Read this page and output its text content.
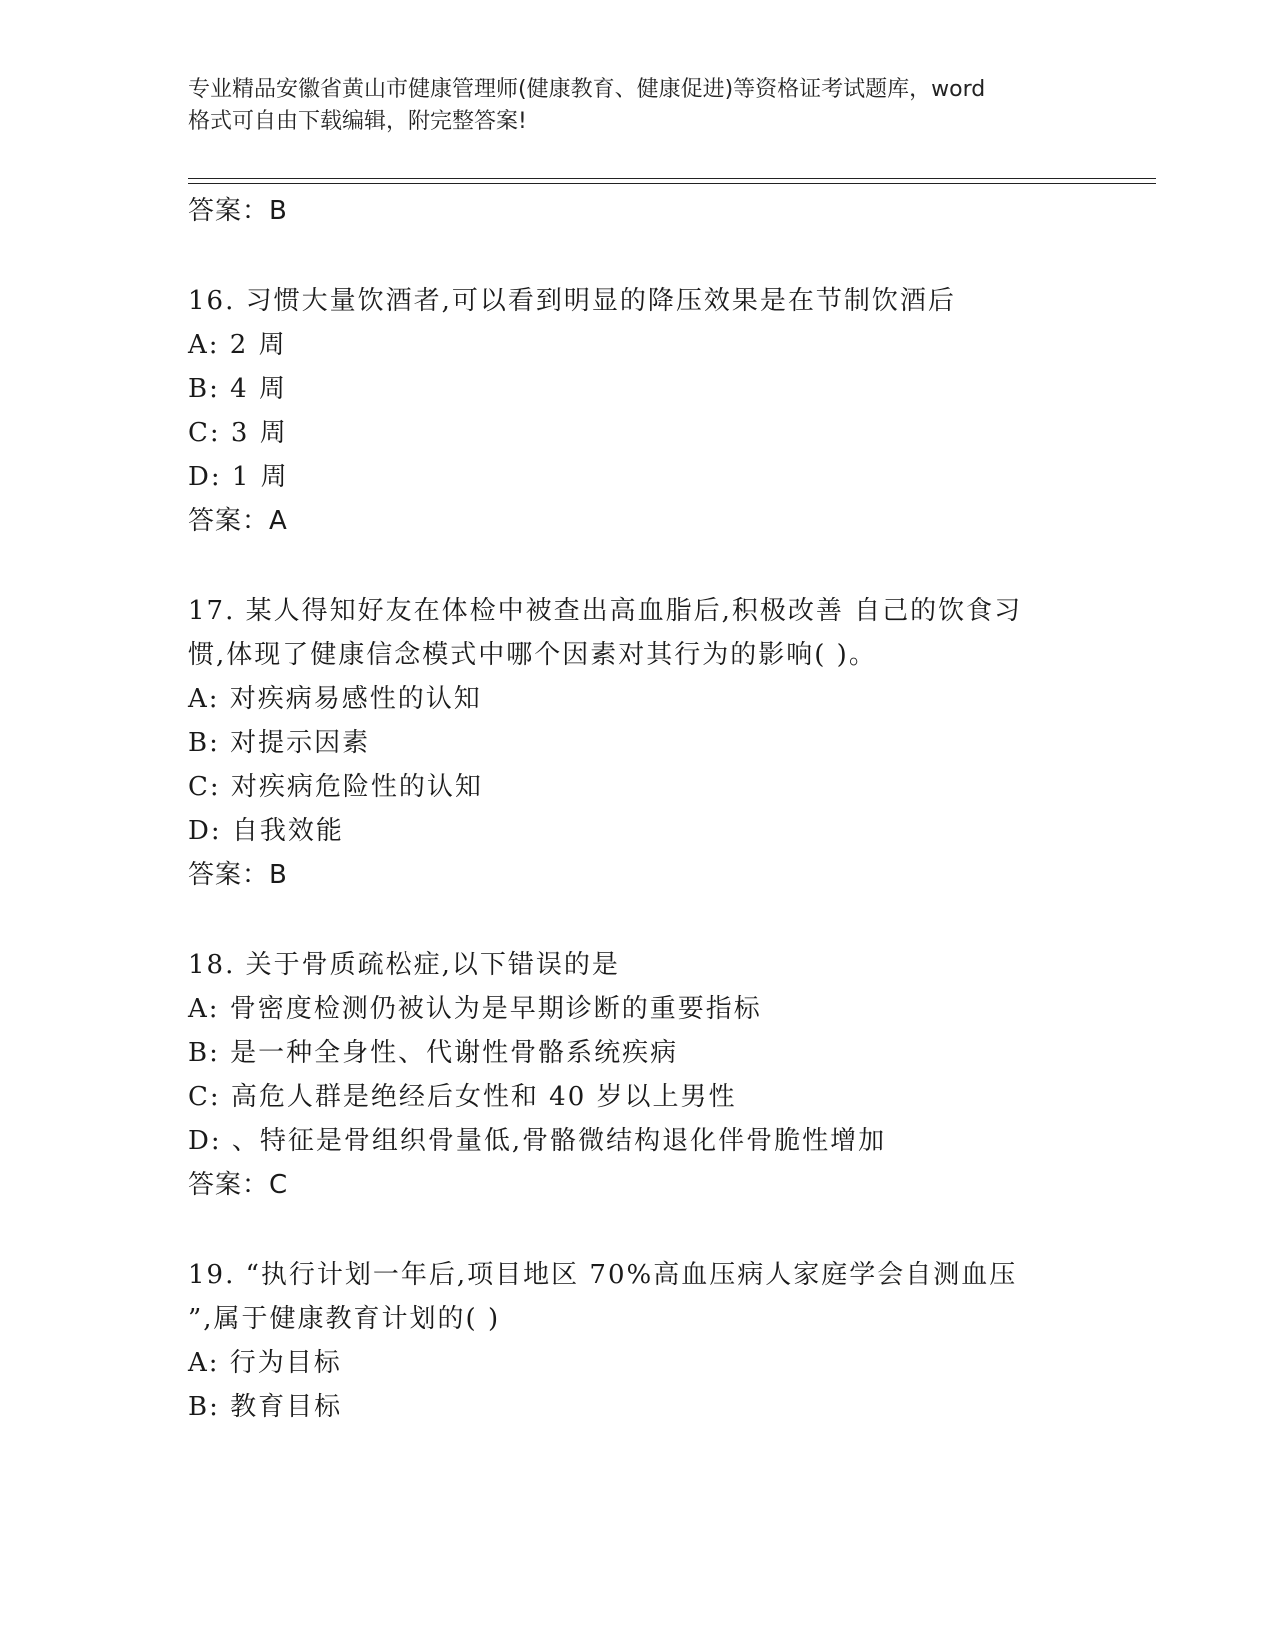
专业精品安徽省黄山市健康管理师(健康教育、健康促进)等资格证考试题库，word
格式可自由下载编辑，附完整答案!
答案：B
16. 习惯大量饮酒者,可以看到明显的降压效果是在节制饮酒后
A: 2 周
B: 4 周
C: 3 周
D: 1 周
答案：A
17. 某人得知好友在体检中被查出高血脂后,积极改善 自己的饮食习
惯,体现了健康信念模式中哪个因素对其行为的影响( )。
A: 对疾病易感性的认知
B: 对提示因素
C: 对疾病危险性的认知
D: 自我效能
答案：B
18. 关于骨质疏松症,以下错误的是
A: 骨密度检测仍被认为是早期诊断的重要指标
B: 是一种全身性、代谢性骨骼系统疾病
C: 高危人群是绝经后女性和 40 岁以上男性
D: 、特征是骨组织骨量低,骨骼微结构退化伴骨脆性增加
答案：C
19. “执行计划一年后,项目地区 70%高血压病人家庭学会自测血压
”,属于健康教育计划的( )
A: 行为目标
B: 教育目标
